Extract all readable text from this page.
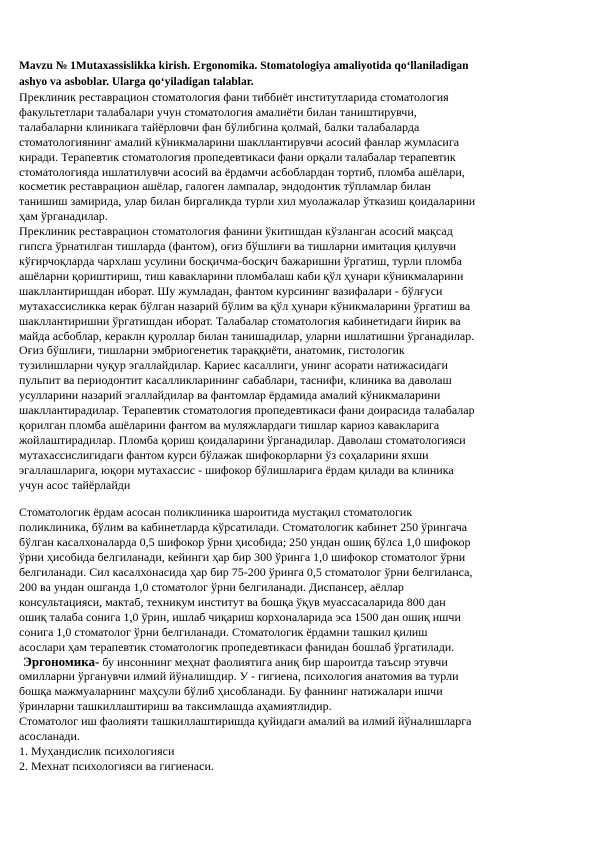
Mavzu № 1Mutaxassislikka kirish. Ergonomika. Stomatologiya amaliyotida qo‘llaniladigan
ashyo va asboblar. Ularga qo‘yiladigan talablar.
Преклиник реставрацион стоматология фани тиббиёт институтларида стоматология
факультетлари талабалари учун стоматология амалиёти билан таништирувчи,
талабаларни клиникага тайёрловчи фан бўлибгина қолмай, балки талабаларда
стоматологиянинг амалий кўникмаларини шакллантирувчи асосий фанлар жумласига
киради. Терапевтик стоматология пропедевтикаси фани орқали талабалар терапевтик
стоматологияда ишлатилувчи асосий ва ёрдамчи асбоблардан тортиб, пломба ашёлари,
косметик реставрацион ашёлар, галоген лампалар, эндодонтик тўпламлар билан
танишиш замирида, улар билан биргаликда турли хил муолажалар ўтказиш қоидаларини
ҳам ўрганадилар.
Преклиник реставрацион стоматология фанини ўкитишдан кўзланган асосий мақсад
гипсга ўрнатилган тишларда (фантом), оғиз бўшлиғи ва тишларни имитация қилувчи
кўғирчоқларда чархлаш усулини босқичма-босқич бажаришни ўргатиш, турли пломба
ашёларни қориштириш, тиш кавакларини пломбалаш каби қўл ҳунари кўникмаларини
шакллантиришдан иборат. Шу жумладан, фантом курсининг вазифалари - бўлғуси
мутахассисликка керак бўлган назарий бўлим ва қўл ҳунари кўникмаларини ўргатиш ва
шакллантиришни ўргатишдан иборат. Талабалар стоматология кабинетидаги йирик ва
майда асбоблар, кераклн қуроллар билан танишадилар, уларни ишлатишни ўрганадилар.
Оғиз бўшлиғи, тишларни эмбриогенетик тараққиёти, анатомик, гистологик
тузилишларни чуқур эгаллайдилар. Кариес касаллиги, унинг асорати натижасидаги
пульпит ва периодонтит касалликларининг сабаблари, таснифи, клиника ва даволаш
усулларини назарий эгаллайдилар ва фантомлар ёрдамида амалий кўникмаларини
шакллантирадилар. Терапевтик стоматология пропедевтикаси фани доирасида талабалар
қорилган пломба ашёларини фантом ва муляжлардаги тишлар кариоз кавакларига
жойлаштирадилар. Пломба қориш қоидаларини ўрганадилар. Даволаш стоматологияси
мутахассислигидаги фантом курси бўлажак шифокорларни ўз соҳаларини яхши
эгаллашларига, юқори мутахассис - шифокор бўлишларига ёрдам қилади ва клиника
учун асос тайёрлайди
Стоматологик ёрдам асосан поликлиника шароитида мустақил стоматологик
поликлиника, бўлим ва кабинетларда кўрсатилади. Стоматологик кабинет 250 ўрингача
бўлган касалхоналарда 0,5 шифокор ўрни ҳисобида; 250 ундан ошиқ бўлса 1,0 шифокор
ўрни ҳисобида белгиланади, кейинги ҳар бир 300 ўринга 1,0 шифокор стоматолог ўрни
белгиланади. Сил касалхонасида ҳар бир 75-200 ўринга 0,5 стоматолог ўрни белгиланса,
200 ва ундан ошганда 1,0 стоматолог ўрни белгиланади. Диспансер, аёллар
консультацияси, мактаб, техникум институт ва бошқа ўқув муассасаларида 800 дан
ошиқ талаба сонига 1,0 ўрин, ишлаб чиқариш корхоналарида эса 1500 дан ошиқ ишчи
сонига 1,0 стоматолог ўрни белгиланади. Стоматологик ёрдамни ташкил қилиш
асослари ҳам терапевтик стоматологик пропедевтикаси фанидан бошлаб ўргатилади.
Эргономика- бу инсоннинг меҳнат фаолиятига аниқ бир шароитда таъсир этувчи
омилларни ўрганувчи илмий йўналишдир. У - гигиена, психология анатомия ва турли
бошқа мажмуаларнинг маҳсули бўлиб ҳисобланади. Бу фаннинг натижалари ишчи
ўринларни ташкиллаштириш ва таксимлашда аҳамиятлидир.
Стоматолог иш фаолияти ташкиллаштиришда қуйидаги амалий ва илмий йўналишларга
асосланади.
1. Муҳандислик психологияси
2. Мехнат психологияси ва гигиенаси.
